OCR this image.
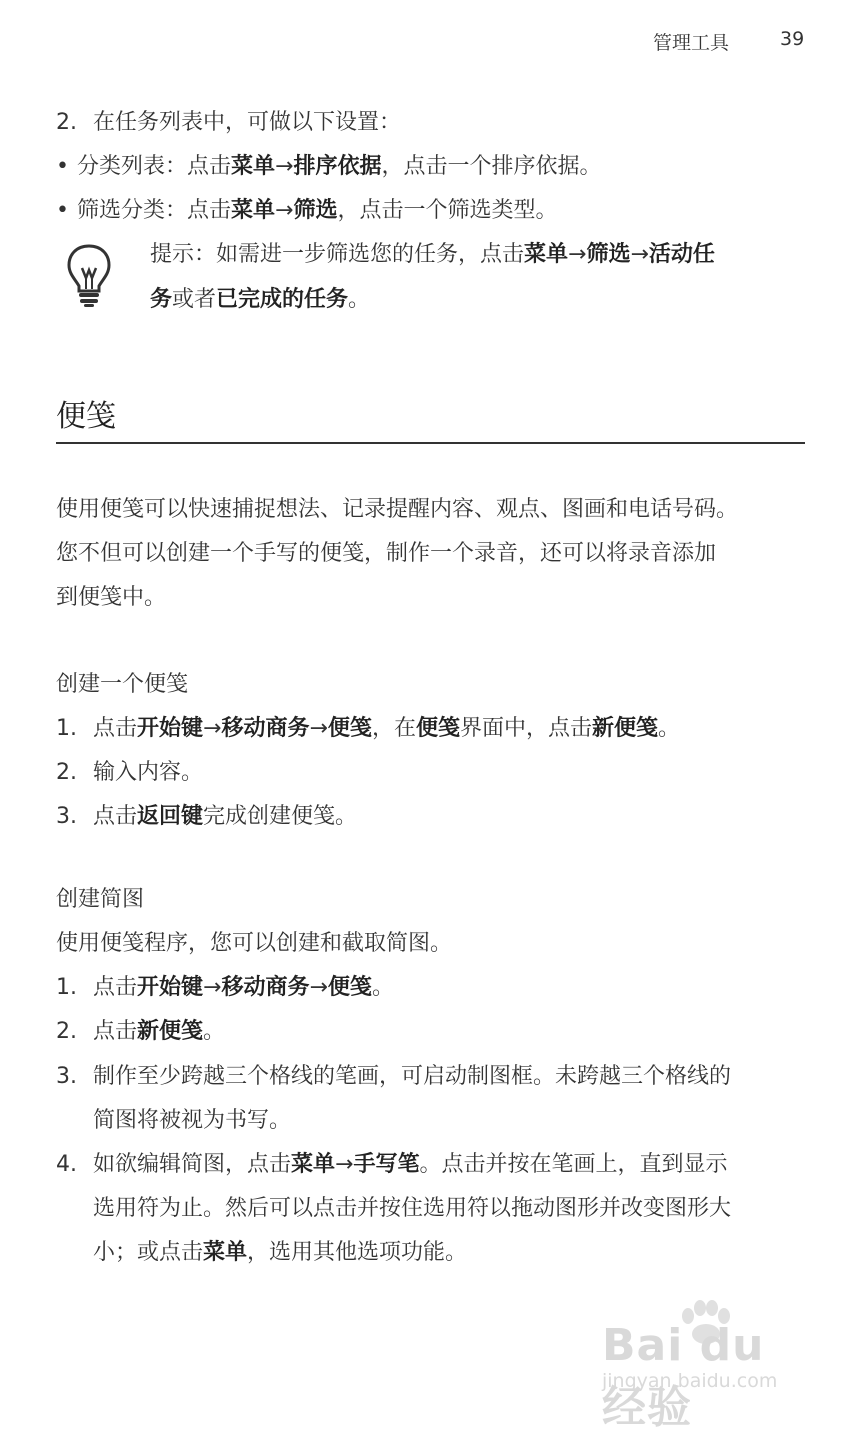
管理工具	39
2. 在任务列表中，可做以下设置：
• 分类列表：点击菜单→排序依据，点击一个排序依据。
• 筛选分类：点击菜单→筛选，点击一个筛选类型。
提示：如需进一步筛选您的任务，点击菜单→筛选→活动任
务或者已完成的任务。
便笺
使用便笺可以快速捕捉想法、记录提醒内容、观点、图画和电话号码。
您不但可以创建一个手写的便笺，制作一个录音，还可以将录音添加
到便笺中。
创建一个便笺
1. 点击开始键→移动商务→便笺，在便笺界面中，点击新便笺。
2. 输入内容。
3. 点击返回键完成创建便笺。
创建简图
使用便笺程序，您可以创建和截取简图。
1. 点击开始键→移动商务→便笺。
2. 点击新便笺。
3. 制作至少跨越三个格线的笔画，可启动制图框。未跨越三个格线的
简图将被视为书写。
4. 如欲编辑简图，点击菜单→手写笔。点击并按在笔画上，直到显示
选用符为止。然后可以点击并按住选用符以拖动图形并改变图形大
小；或点击菜单，选用其他选项功能。
Bai du 经验
jingyan.baidu.com
